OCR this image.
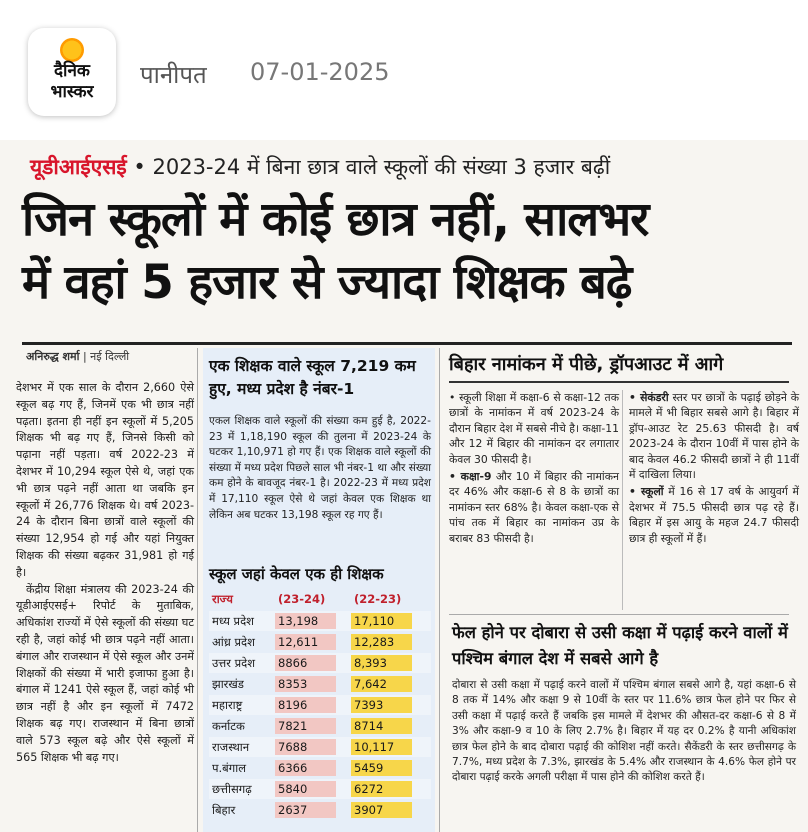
दैनिक
भास्कर
पानीपत 07-01-2025
यूडीआईएसई • 2023-24 में बिना छात्र वाले स्कूलों की संख्या 3 हजार बढ़ीं
जिन स्कूलों में कोई छात्र नहीं, सालभर
में वहां 5 हजार से ज्यादा शिक्षक बढ़े
अनिरुद्ध शर्मा | नई दिल्ली

देशभर में एक साल के दौरान 2,660 ऐसे स्कूल बढ़ गए हैं, जिनमें एक भी छात्र नहीं पढ़ता। इतना ही नहीं इन स्कूलों में 5,205 शिक्षक भी बढ़ गए हैं, जिनसे किसी को पढ़ाना नहीं पड़ता। वर्ष 2022-23 में देशभर में 10,294 स्कूल ऐसे थे, जहां एक भी छात्र पढ़ने नहीं आता था जबकि इन स्कूलों में 26,776 शिक्षक थे। वर्ष 2023-24 के दौरान बिना छात्रों वाले स्कूलों की संख्या 12,954 हो गई और यहां नियुक्त शिक्षक की संख्या बढ़कर 31,981 हो गई है।

केंद्रीय शिक्षा मंत्रालय की 2023-24 की यूडीआईएसई+ रिपोर्ट के मुताबिक, अधिकांश राज्यों में ऐसे स्कूलों की संख्या घट रही है, जहां कोई भी छात्र पढ़ने नहीं आता। बंगाल और राजस्थान में ऐसे स्कूल और उनमें शिक्षकों की संख्या में भारी इजाफा हुआ है। बंगाल में 1241 ऐसे स्कूल हैं, जहां कोई भी छात्र नहीं है और इन स्कूलों में 7472 शिक्षक बढ़ गए। राजस्थान में बिना छात्रों वाले 573 स्कूल बढ़े और ऐसे स्कूलों में 565 शिक्षक भी बढ़ गए।

एक शिक्षक वाले स्कूल 7,219 कम हुए, मध्य प्रदेश है नंबर-1
एकल शिक्षक वाले स्कूलों की संख्या कम हुई है, 2022-23 में 1,18,190 स्कूल की तुलना में 2023-24 के घटकर 1,10,971 हो गए हैं। एक शिक्षक वाले स्कूलों की संख्या में मध्य प्रदेश पिछले साल भी नंबर-1 था और संख्या कम होने के बावजूद नंबर-1 है। 2022-23 में मध्य प्रदेश में 17,110 स्कूल ऐसे थे जहां केवल एक शिक्षक था लेकिन अब घटकर 13,198 स्कूल रह गए हैं।
स्कूल जहां केवल एक ही शिक्षक
राज्य	(23-24) (22-23)
मध्य प्रदेश 13,198	17,110
आंध्र प्रदेश 12,611	12,283
उत्तर प्रदेश 8866	8,393
झारखंड	8353	7,642
महाराष्ट्र	8196	7393
कर्नाटक	7821	8714
राजस्थान	7688	10,117
प.बंगाल	6366	5459
छत्तीसगढ़ 5840	6272
बिहार	2637	3907
बिहार नामांकन में पीछे, ड्रॉपआउट में आगे

• स्कूली शिक्षा में कक्षा-6 से कक्षा-12 तक छात्रों के नामांकन में वर्ष 2023-24 के दौरान बिहार देश में सबसे नीचे है। कक्षा-11 और 12 में बिहार की नामांकन दर लगातार केवल 30 फीसदी है।

• कक्षा-9 और 10 में बिहार की नामांकन दर 46% और कक्षा-6 से 8 के छात्रों का नामांकन स्तर 68% है। केवल कक्षा-एक से पांच तक में बिहार का नामांकन उप्र के बराबर 83 फीसदी है।

• सेकंडरी स्तर पर छात्रों के पढ़ाई छोड़ने के मामले में भी बिहार सबसे आगे है। बिहार में ड्रॉप-आउट रेट 25.63 फीसदी है। वर्ष 2023-24 के दौरान 10वीं में पास होने के बाद केवल 46.2 फीसदी छात्रों ने ही 11वीं में दाखिला लिया।

• स्कूलों में 16 से 17 वर्ष के आयुवर्ग में देशभर में 75.5 फीसदी छात्र पढ़ रहे हैं। बिहार में इस आयु के महज 24.7 फीसदी छात्र ही स्कूलों में हैं।

फेल होने पर दोबारा से उसी कक्षा में पढ़ाई करने वालों में पश्चिम बंगाल देश में सबसे आगे है
दोबारा से उसी कक्षा में पढ़ाई करने वालों में पश्चिम बंगाल सबसे आगे है, यहां कक्षा-6 से 8 तक में 14% और कक्षा 9 से 10वीं के स्तर पर 11.6% छात्र फेल होने पर फिर से उसी कक्षा में पढ़ाई करते हैं जबकि इस मामले में देशभर की औसत-दर कक्षा-6 से 8 में 3% और कक्षा-9 व 10 के लिए 2.7% है। बिहार में यह दर 0.2% है यानी अधिकांश छात्र फेल होने के बाद दोबारा पढ़ाई की कोशिश नहीं करते। सैकेंडरी के स्तर छत्तीसगढ़ के 7.7%, मध्य प्रदेश के 7.3%, झारखंड के 5.4% और राजस्थान के 4.6% फेल होने पर दोबारा पढ़ाई करके अगली परीक्षा में पास होने की कोशिश करते हैं।
